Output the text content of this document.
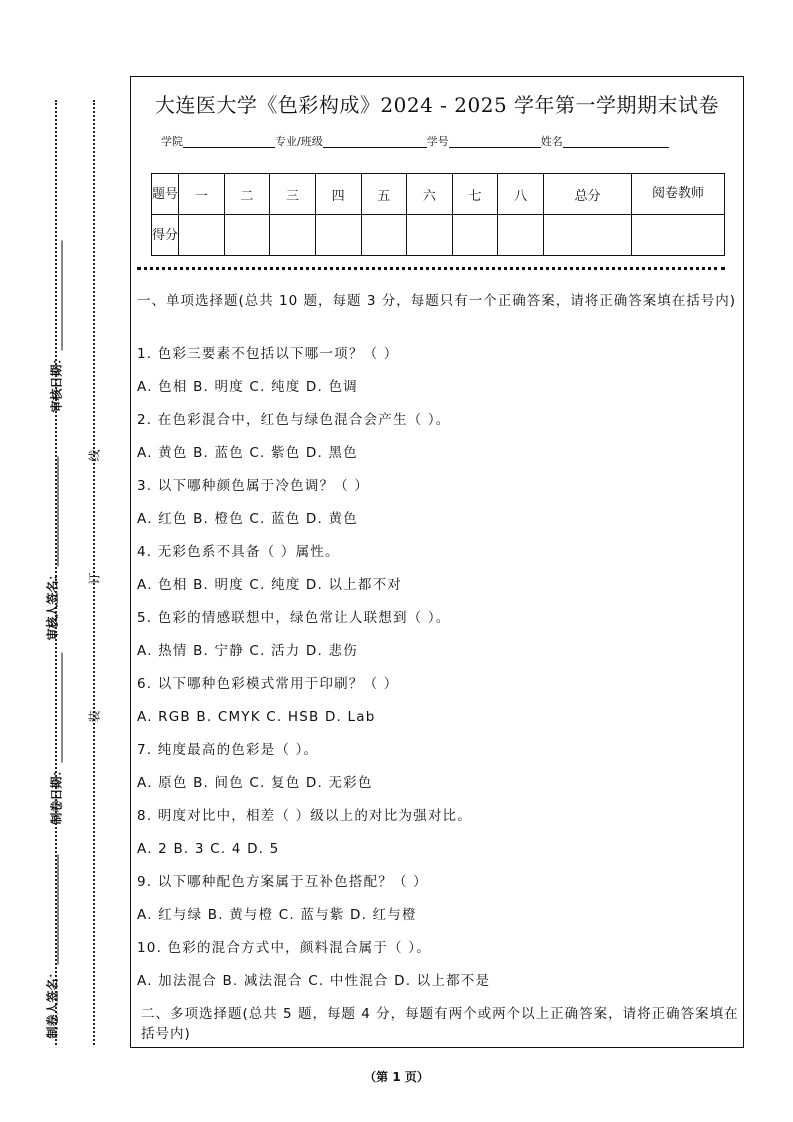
审核日期：
审核人签名：
制卷日期：
制卷人签名：
线
订
装
大连医大学《色彩构成》2024 - 2025 学年第一学期期末试卷
学院	专业/班级	学号	姓名
题号	一	二	三	四	五	六	七	八	总分	阅卷教师
得分										
一、单项选择题(总共 10 题，每题 3 分，每题只有一个正确答案，请将正确答案填在括号内)
1. 色彩三要素不包括以下哪一项？（ ）
A. 色相 B. 明度 C. 纯度 D. 色调
2. 在色彩混合中，红色与绿色混合会产生（ ）。
A. 黄色 B. 蓝色 C. 紫色 D. 黑色
3. 以下哪种颜色属于冷色调？（ ）
A. 红色 B. 橙色 C. 蓝色 D. 黄色
4. 无彩色系不具备（ ）属性。
A. 色相 B. 明度 C. 纯度 D. 以上都不对
5. 色彩的情感联想中，绿色常让人联想到（ ）。
A. 热情 B. 宁静 C. 活力 D. 悲伤
6. 以下哪种色彩模式常用于印刷？（ ）
A. RGB B. CMYK C. HSB D. Lab
7. 纯度最高的色彩是（ ）。
A. 原色 B. 间色 C. 复色 D. 无彩色
8. 明度对比中，相差（ ）级以上的对比为强对比。
A. 2 B. 3 C. 4 D. 5
9. 以下哪种配色方案属于互补色搭配？（ ）
A. 红与绿 B. 黄与橙 C. 蓝与紫 D. 红与橙
10. 色彩的混合方式中，颜料混合属于（ ）。
A. 加法混合 B. 减法混合 C. 中性混合 D. 以上都不是
二、多项选择题(总共 5 题，每题 4 分，每题有两个或两个以上正确答案，请将正确答案填在括号内)
（第 1 页）
